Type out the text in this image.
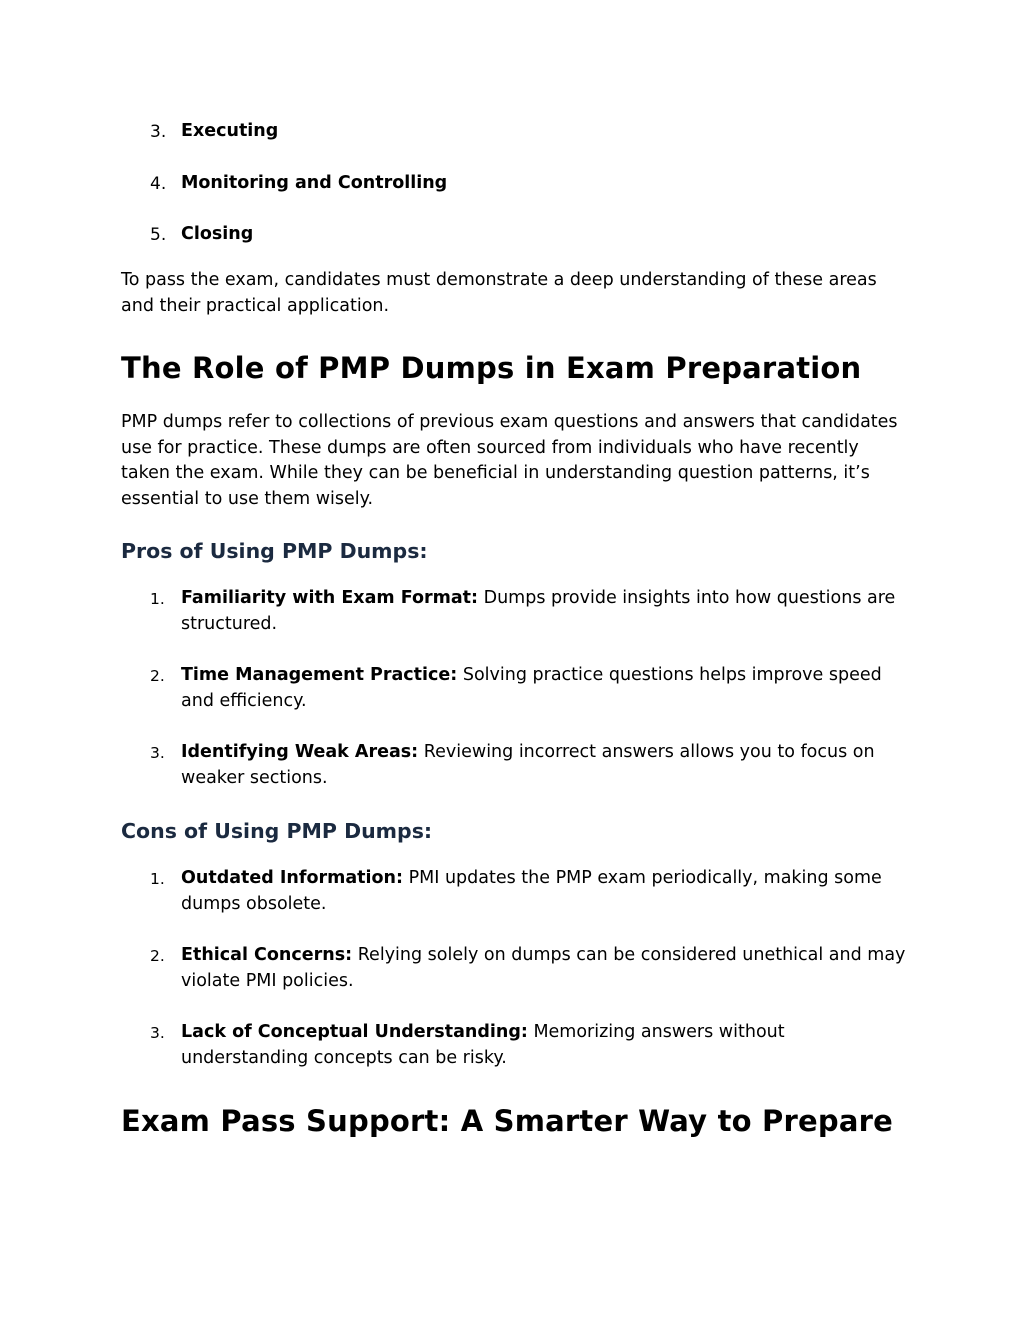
3. Executing
4. Monitoring and Controlling
5. Closing

To pass the exam, candidates must demonstrate a deep understanding of these areas and their practical application.

The Role of PMP Dumps in Exam Preparation

PMP dumps refer to collections of previous exam questions and answers that candidates use for practice. These dumps are often sourced from individuals who have recently taken the exam. While they can be beneficial in understanding question patterns, it’s essential to use them wisely.

Pros of Using PMP Dumps:
1. Familiarity with Exam Format: Dumps provide insights into how questions are structured.
2. Time Management Practice: Solving practice questions helps improve speed and efficiency.
3. Identifying Weak Areas: Reviewing incorrect answers allows you to focus on weaker sections.
Cons of Using PMP Dumps:
1. Outdated Information: PMI updates the PMP exam periodically, making some dumps obsolete.
2. Ethical Concerns: Relying solely on dumps can be considered unethical and may violate PMI policies.
3. Lack of Conceptual Understanding: Memorizing answers without understanding concepts can be risky.
Exam Pass Support: A Smarter Way to Prepare
